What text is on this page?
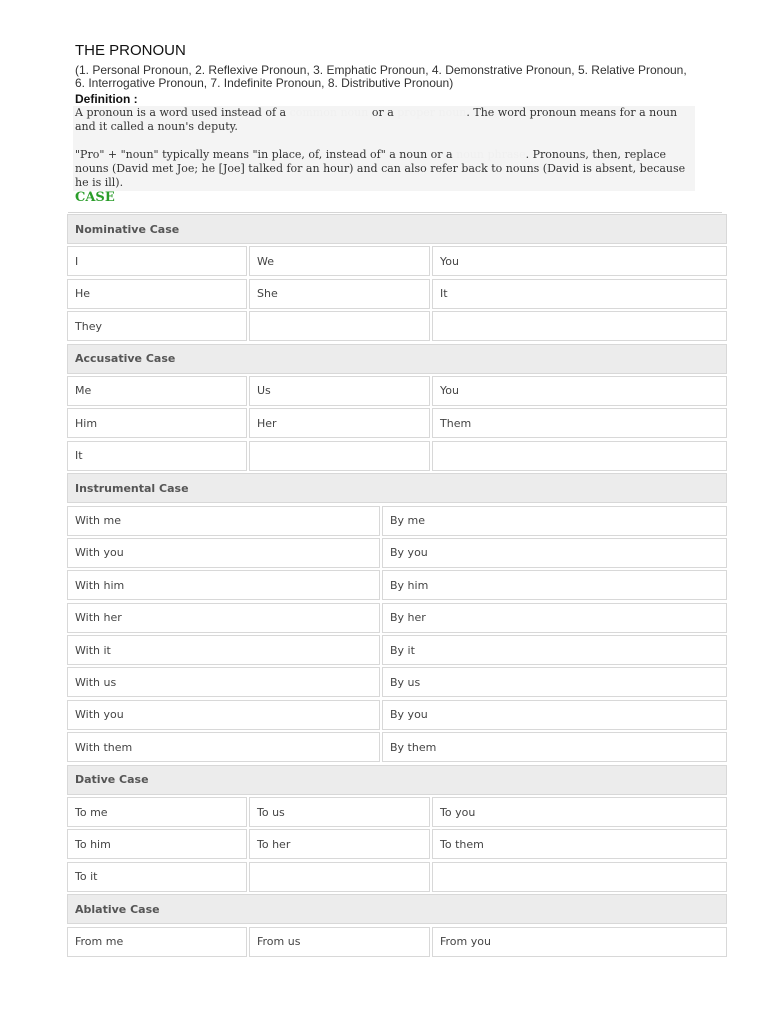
THE PRONOUN
(1. Personal Pronoun, 2. Reflexive Pronoun, 3. Emphatic Pronoun, 4. Demonstrative Pronoun, 5. Relative Pronoun, 6. Interrogative Pronoun, 7. Indefinite Pronoun, 8. Distributive Pronoun)
Definition :
A pronoun is a word used instead of a common noun or a proper noun. The word pronoun means for a noun and it called a noun's deputy.
"Pro" + "noun" typically means "in place, of, instead of" a noun or a noun phrase. Pronouns, then, replace nouns (David met Joe; he [Joe] talked for an hour) and can also refer back to nouns (David is absent, because he is ill).
CASE
Nominative Case
I	We	You
He	She	It
They
Accusative Case
Me	Us	You
Him	Her	Them
It
Instrumental Case
With me	By me
With you	By you
With him	By him
With her	By her
With it	By it
With us	By us
With you	By you
With them	By them
Dative Case
To me	To us	To you
To him	To her	To them
To it
Ablative Case
From me	From us	From you
